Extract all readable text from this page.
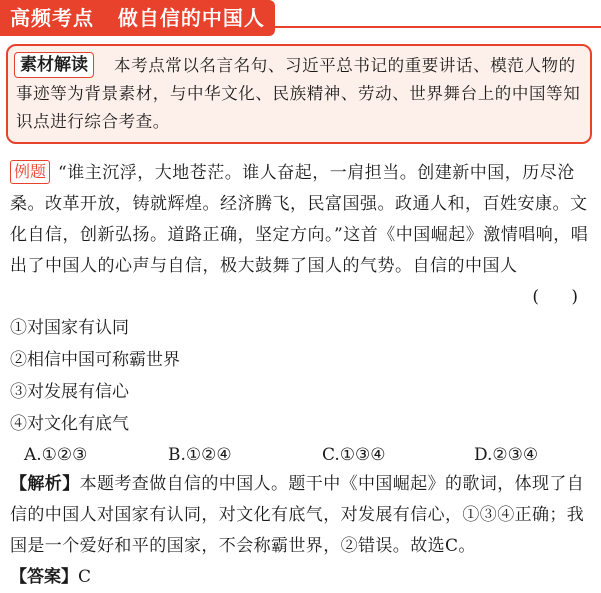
高频考点   做自信的中国人

本考点常以名言名句、习近平总书记的重要讲话、模范人物的事迹等为背景素材，与中华文化、民族精神、劳动、世界舞台上的中国等知识点进行综合考查。

素材解读

“谁主沉浮，大地苍茫。谁人奋起，一肩担当。创建新中国，历尽沧桑。改革开放，铸就辉煌。经济腾飞，民富国强。政通人和，百姓安康。文化自信，创新弘扬。道路正确，坚定方向。”这首《中国崛起》激情唱响，唱出了中国人的心声与自信，极大鼓舞了国人的气势。自信的中国人

例题
(      )
①对国家有认同
②相信中国可称霸世界
③对发展有信心
④对文化有底气
A.①②③	B.①②④	C.①③④	D.②③④

【解析】本题考查做自信的中国人。题干中《中国崛起》的歌词，体现了自信的中国人对国家有认同，对文化有底气，对发展有信心，①③④正确；我国是一个爱好和平的国家，不会称霸世界，②错误。故选C。

【答案】C
